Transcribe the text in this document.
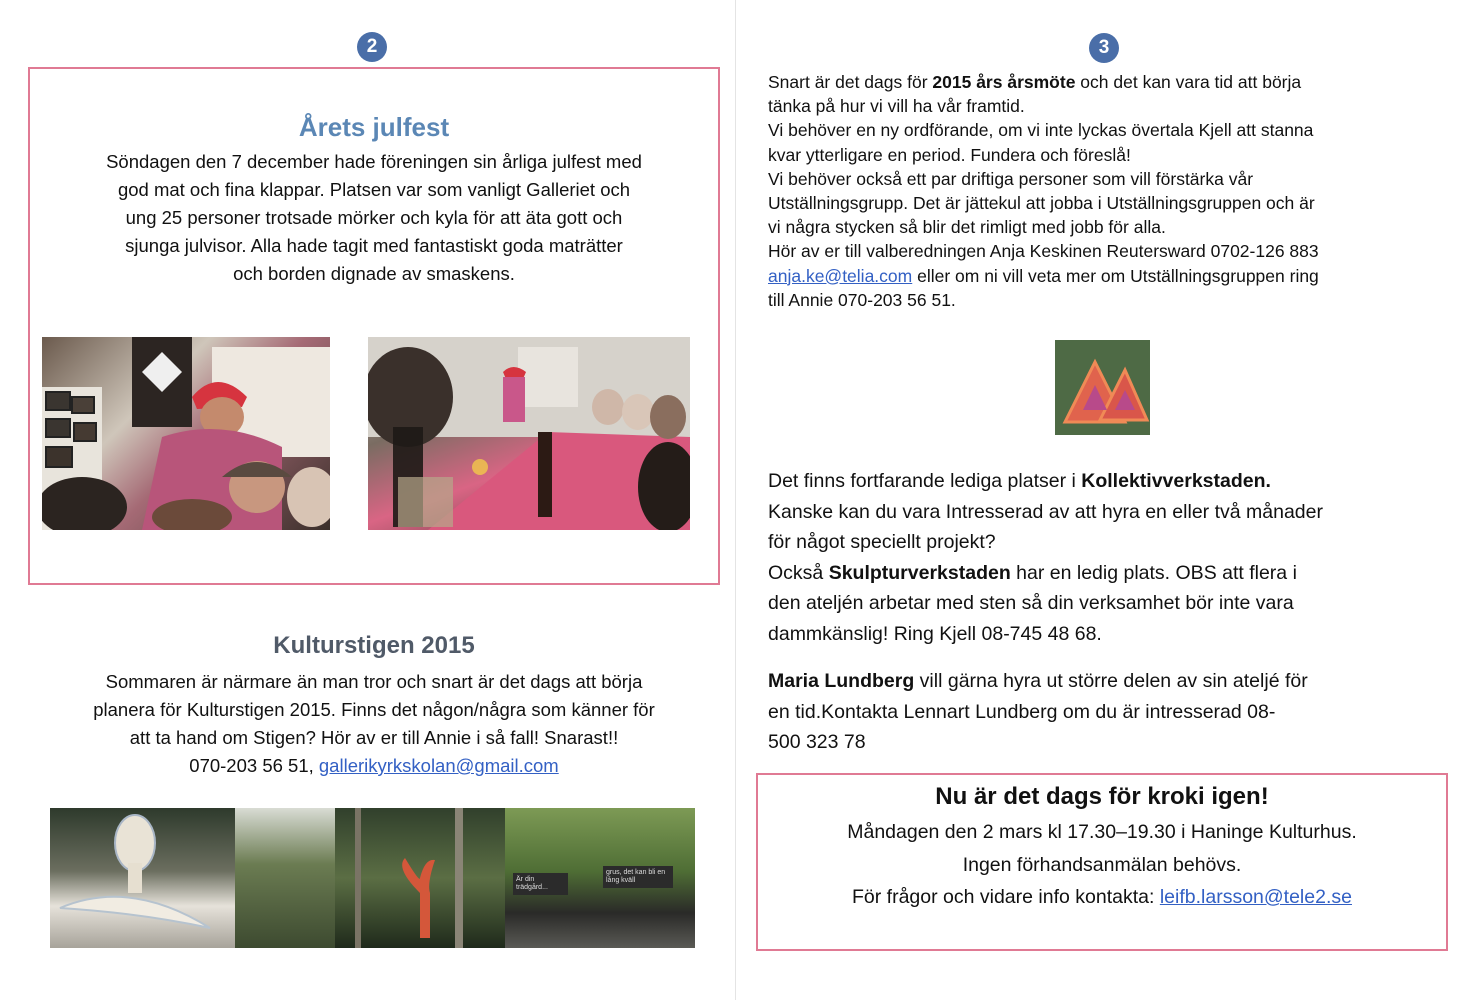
2
Årets julfest
Söndagen den 7 december hade föreningen sin årliga julfest med
god mat och fina klappar. Platsen var som vanligt Galleriet och
ung 25 personer trotsade mörker och kyla för att äta gott och
sjunga julvisor. Alla hade tagit med fantastiskt goda maträtter
och borden dignade av smaskens.
Kulturstigen 2015
Sommaren är närmare än man tror och snart är det dags att börja
planera för Kulturstigen 2015. Finns det någon/några som känner för
att ta hand om Stigen? Hör av er till Annie i så fall! Snarast!!
070-203 56 51, gallerikyrkskolan@gmail.com
Är din trädgård...
grus, det kan bli en lång kväll
3
Snart är det dags för 2015 års årsmöte och det kan vara tid att börja
tänka på hur vi vill ha vår framtid.
Vi behöver en ny ordförande, om vi inte lyckas övertala Kjell att stanna
kvar ytterligare en period. Fundera och föreslå!
Vi behöver också ett par driftiga personer som vill förstärka vår
Utställningsgrupp. Det är jättekul att jobba i Utställningsgruppen och är
vi några stycken så blir det rimligt med jobb för alla.
Hör av er till valberedningen Anja Keskinen Reutersward 0702-126 883
anja.ke@telia.com eller om ni vill veta mer om Utställningsgruppen ring
till Annie 070-203 56 51.
Det finns fortfarande lediga platser i Kollektivverkstaden.
Kanske kan du vara Intresserad av att hyra en eller två månader
för något speciellt projekt?
Också Skulpturverkstaden har en ledig plats. OBS att flera i
den ateljén arbetar med sten så din verksamhet bör inte vara
dammkänslig! Ring Kjell 08-745 48 68.
Maria Lundberg vill gärna hyra ut större delen av sin ateljé för
en tid.Kontakta Lennart Lundberg om du är intresserad 08-
500 323 78
Nu är det dags för kroki igen!
Måndagen den 2 mars kl 17.30–19.30 i Haninge Kulturhus.
Ingen förhandsanmälan behövs.
För frågor och vidare info kontakta: leifb.larsson@tele2.se
